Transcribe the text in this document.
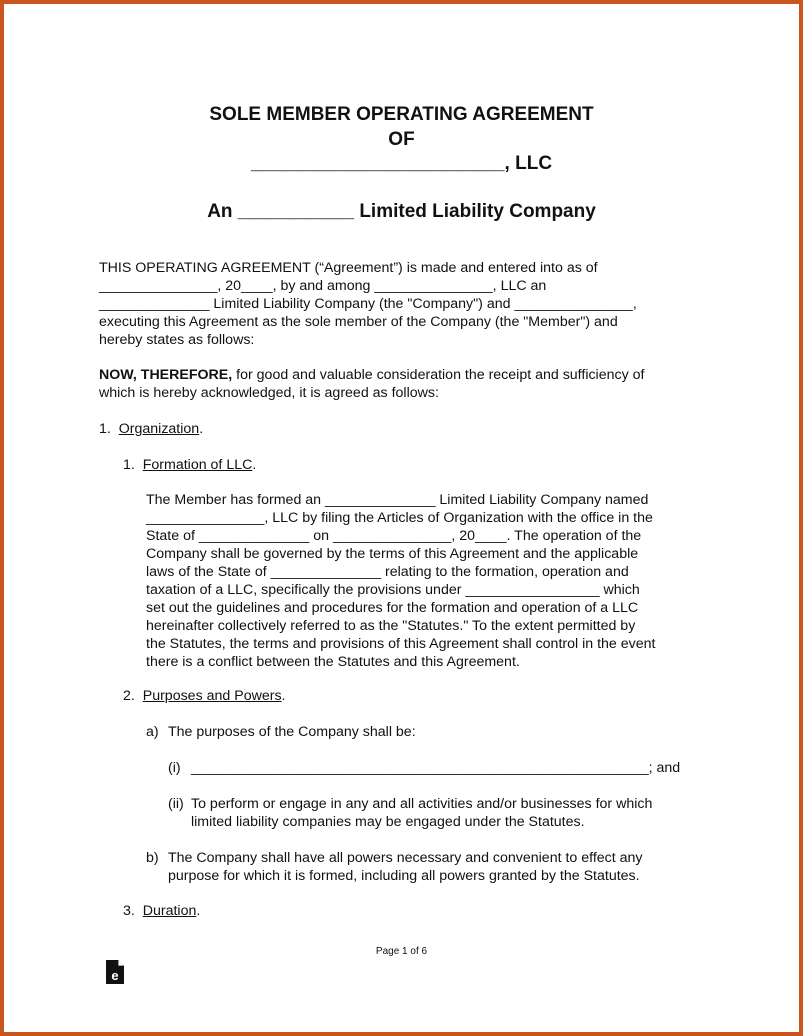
SOLE MEMBER OPERATING AGREEMENT

OF

________________________, LLC

An ___________ Limited Liability Company

THIS OPERATING AGREEMENT (“Agreement”) is made and entered into as of

_______________, 20____, by and among _______________, LLC an

______________ Limited Liability Company (the "Company") and _______________,

executing this Agreement as the sole member of the Company (the "Member") and

hereby states as follows:

NOW, THEREFORE, for good and valuable consideration the receipt and sufficiency of

which is hereby acknowledged, it is agreed as follows:

1. Organization.

1. Formation of LLC.

The Member has formed an ______________ Limited Liability Company named

_______________, LLC by filing the Articles of Organization with the office in the

State of ______________ on _______________, 20____. The operation of the

Company shall be governed by the terms of this Agreement and the applicable

laws of the State of ______________ relating to the formation, operation and

taxation of a LLC, specifically the provisions under _________________ which

set out the guidelines and procedures for the formation and operation of a LLC

hereinafter collectively referred to as the "Statutes." To the extent permitted by

the Statutes, the terms and provisions of this Agreement shall control in the event

there is a conflict between the Statutes and this Agreement.

2. Purposes and Powers.

a) The purposes of the Company shall be:

(i) __________________________________________________________; and

(ii) To perform or engage in any and all activities and/or businesses for which

limited liability companies may be engaged under the Statutes.

b) The Company shall have all powers necessary and convenient to effect any

purpose for which it is formed, including all powers granted by the Statutes.

3. Duration.

Page 1 of 6
e
